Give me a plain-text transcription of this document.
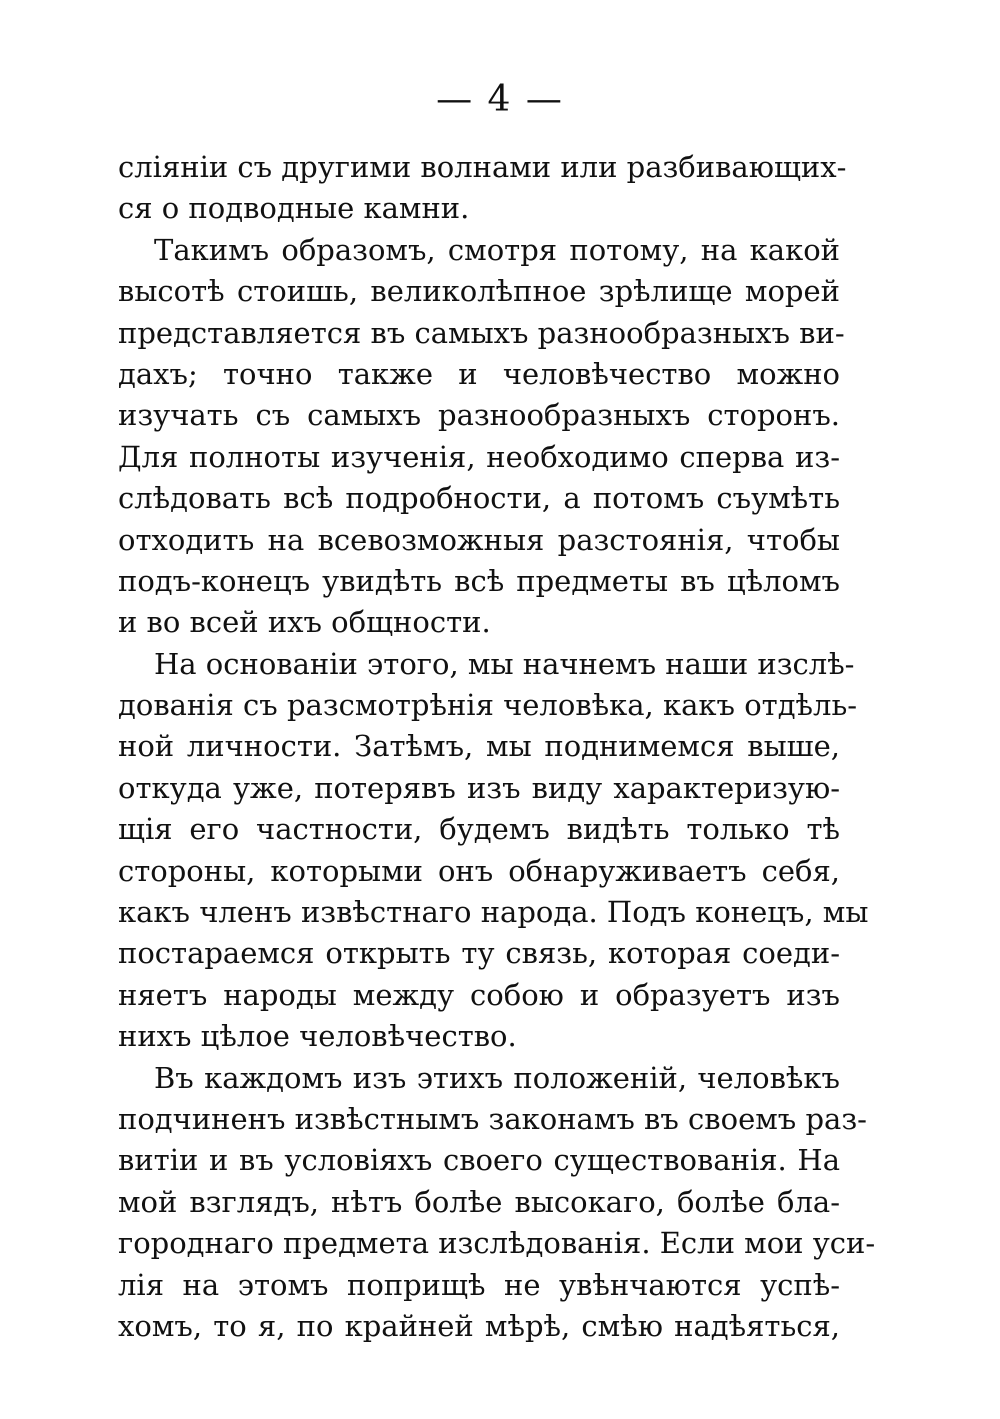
— 4 —
сліяніи съ другими волнами или разбивающих-
ся о подводные камни.
Такимъ образомъ, смотря потому, на какой
высотѣ стоишь, великолѣпное зрѣлище морей
представляется въ самыхъ разнообразныхъ ви-
дахъ; точно также и человѣчество можно
изучать съ самыхъ разнообразныхъ сторонъ.
Для полноты изученія, необходимо сперва из-
слѣдовать всѣ подробности, а потомъ съумѣть
отходить на всевозможныя разстоянія, чтобы
подъ-конецъ увидѣть всѣ предметы въ цѣломъ
и во всей ихъ общности.
На основаніи этого, мы начнемъ наши изслѣ-
дованія съ разсмотрѣнія человѣка, какъ отдѣль-
ной личности. Затѣмъ, мы поднимемся выше,
откуда уже, потерявъ изъ виду характеризую-
щія его частности, будемъ видѣть только тѣ
стороны, которыми онъ обнаруживаетъ себя,
какъ членъ извѣстнаго народа. Подъ конецъ, мы
постараемся открыть ту связь, которая соеди-
няетъ народы между собою и образуетъ изъ
нихъ цѣлое человѣчество.
Въ каждомъ изъ этихъ положеній, человѣкъ
подчиненъ извѣстнымъ законамъ въ своемъ раз-
витіи и въ условіяхъ своего существованія. На
мой взглядъ, нѣтъ болѣе высокаго, болѣе бла-
городнаго предмета изслѣдованія. Если мои уси-
лія на этомъ поприщѣ не увѣнчаются успѣ-
хомъ, то я, по крайней мѣрѣ, смѣю надѣяться,
